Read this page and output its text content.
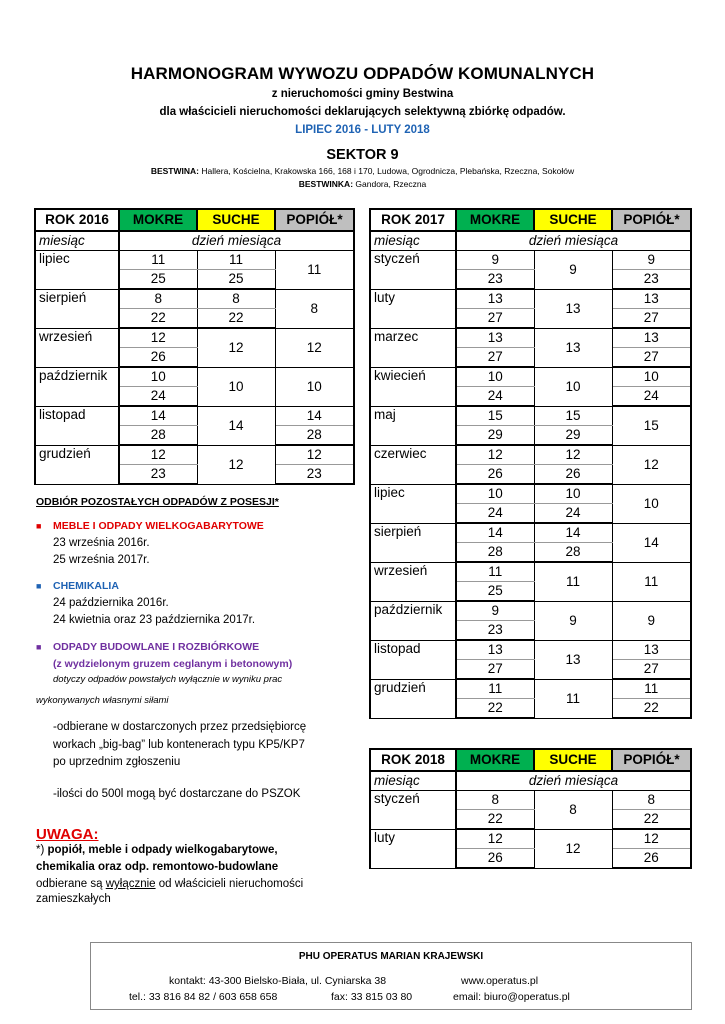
HARMONOGRAM WYWOZU ODPADÓW KOMUNALNYCH
z nieruchomości gminy Bestwina
dla właścicieli nieruchomości deklarujących selektywną zbiórkę odpadów.
LIPIEC 2016 - LUTY 2018
SEKTOR 9
BESTWINA: Hallera, Kościelna, Krakowska 166, 168 i 170, Ludowa, Ogrodnicza, Plebańska, Rzeczna, Sokołów
BESTWINKA: Gandora, Rzeczna
ROK 2016	MOKRE	SUCHE	POPIÓŁ*
miesiąc	dzień miesiąca		
lipiec	11	11	11
	25	25	
sierpień	8	8	8
	22	22	
wrzesień	12	12	12
	26		
październik	10	10	10
	24		
listopad	14	14	14
	28		28
grudzień	12	12	12
	23		23
ROK 2017	MOKRE	SUCHE	POPIÓŁ*
miesiąc	dzień miesiąca		
styczeń	9	9	9
	23		23
luty	13	13	13
	27		27
marzec	13	13	13
	27		27
kwiecień	10	10	10
	24		24
maj	15	15	15
	29	29	
czerwiec	12	12	12
	26	26	
lipiec	10	10	10
	24	24	
sierpień	14	14	14
	28	28	
wrzesień	11	11	11
	25		
październik	9	9	9
	23		
listopad	13	13	13
	27		27
grudzień	11	11	11
	22		22
ROK 2018	MOKRE	SUCHE	POPIÓŁ*
miesiąc	dzień miesiąca		
styczeń	8	8	8
	22		22
luty	12	12	12
	26		26
ODBIÓR POZOSTAŁYCH ODPADÓW Z POSESJI*
■ MEBLE I ODPADY WIELKOGABARYTOWE
23 września 2016r.
25 września 2017r.
■ CHEMIKALIA
24 października 2016r.
24 kwietnia oraz 23 października 2017r.
■ ODPADY BUDOWLANE I ROZBIÓRKOWE
(z wydzielonym gruzem ceglanym i betonowym)
dotyczy odpadów powstałych wyłącznie w wyniku prac
wykonywanych własnymi siłami
-odbierane w dostarczonych przez przedsiębiorcę
workach „big-bag” lub kontenerach typu KP5/KP7
po uprzednim zgłoszeniu
-ilości do 500l mogą być dostarczane do PSZOK
UWAGA:
*) popiół, meble i odpady wielkogabarytowe,
chemikalia oraz odp. remontowo-budowlane
odbierane są wyłącznie od właścicieli nieruchomości
zamieszkałych
PHU OPERATUS MARIAN KRAJEWSKI
kontakt: 43-300 Bielsko-Biała, ul. Cyniarska 38	www.operatus.pl
tel.: 33 816 84 82 / 603 658 658	fax: 33 815 03 80	email: biuro@operatus.pl
